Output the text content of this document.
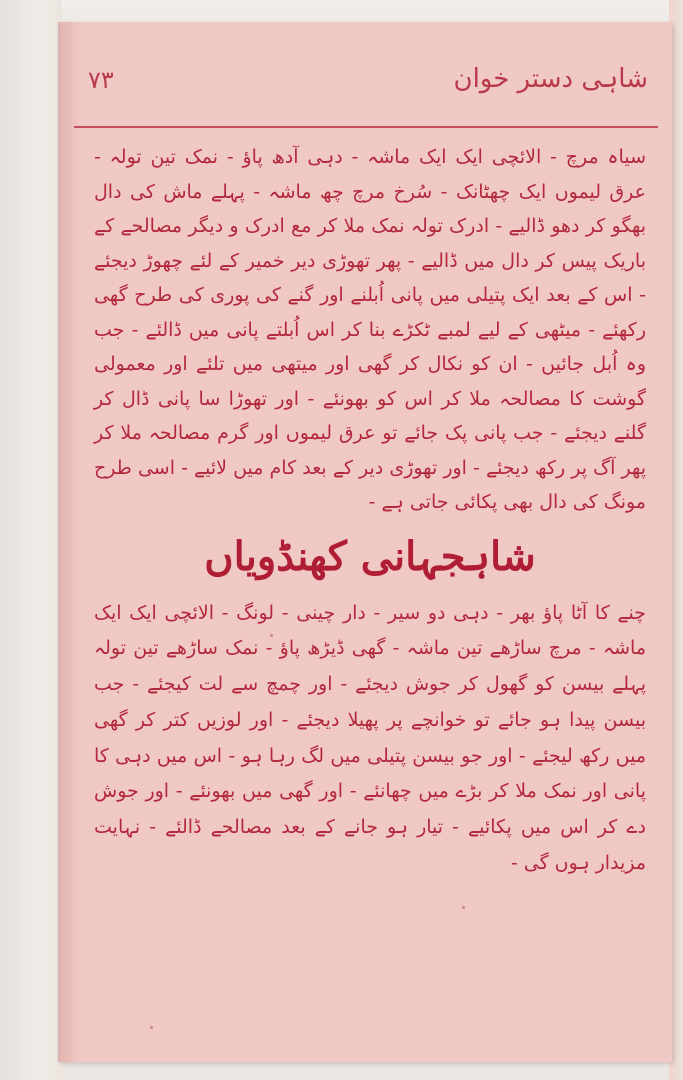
شاہی دستر خوان
۷۳

سیاہ مرچ - الائچی ایک ایک ماشہ - دہی آدھ پاؤ - نمک تین تولہ - عرق لیموں ایک چھٹانک - سُرخ مرچ چھ ماشہ - پہلے ماش کی دال بھگو کر دھو ڈالیے - ادرک تولہ نمک ملا کر مع ادرک و دیگر مصالحے کے باریک پیس کر دال میں ڈالیے - پھر تھوڑی دیر خمیر کے لئے چھوڑ دیجئے - اس کے بعد ایک پتیلی میں پانی اُبلنے اور گنے کی پوری کی طرح گھی رکھئے - میٹھی کے لیے لمبے ٹکڑے بنا کر اس اُبلتے پانی میں ڈالئے - جب وہ اُبل جائیں - ان کو نکال کر گھی اور میتھی میں تلئے اور معمولی گوشت کا مصالحہ ملا کر اس کو بھونئے - اور تھوڑا سا پانی ڈال کر گلنے دیجئے - جب پانی پک جائے تو عرق لیموں اور گرم مصالحہ ملا کر پھر آگ پر رکھ دیجئے - اور تھوڑی دیر کے بعد کام میں لائیے - اسی طرح مونگ کی دال بھی پکائی جاتی ہے -

شاہجہانی کھنڈویاں

چنے کا آٹا پاؤ بھر - دہی دو سیر - دار چینی - لونگ - الائچی ایک ایک ماشہ - مرچ ساڑھے تین ماشہ - گھی ڈیڑھ پاؤ - نمک ساڑھے تین تولہ پہلے بیسن کو گھول کر جوش دیجئے - اور چمچ سے لت کیجئے - جب بیسن پیدا ہو جائے تو خوانچے پر پھیلا دیجئے - اور لوزیں کتر کر گھی میں رکھ لیجئے - اور جو بیسن پتیلی میں لگ رہا ہو - اس میں دہی کا پانی اور نمک ملا کر بڑے میں چھانئے - اور گھی میں بھونئے - اور جوش دے کر اس میں پکائیے - تیار ہو جانے کے بعد مصالحے ڈالئے - نہایت مزیدار ہوں گی -
